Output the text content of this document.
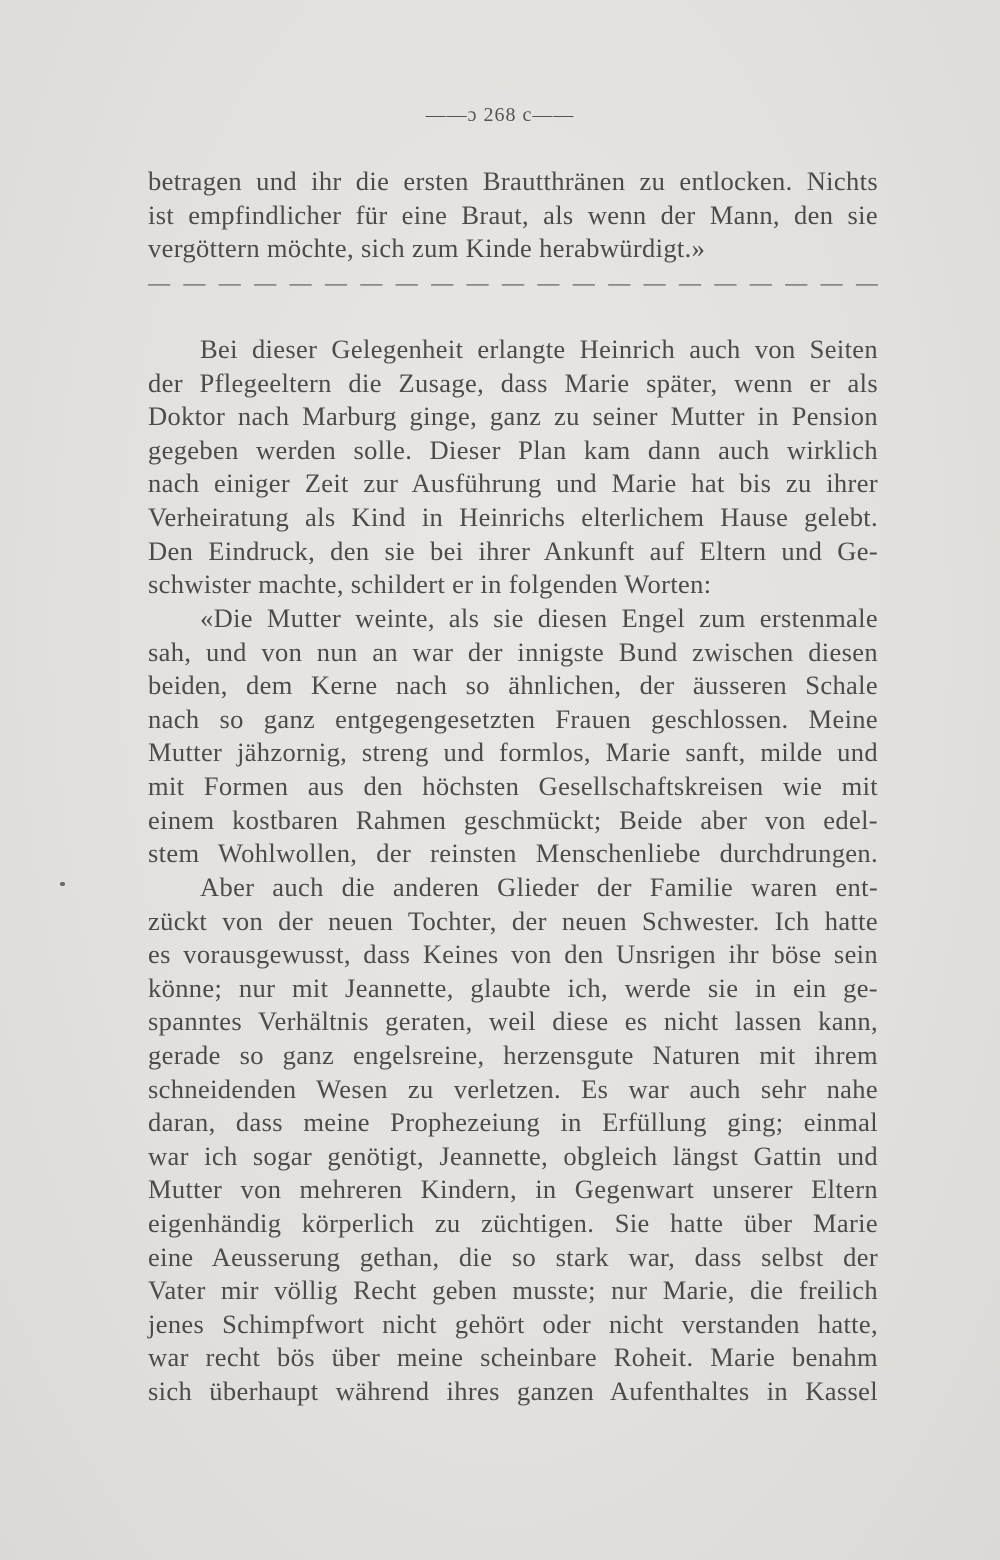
——ɔ 268 c——
betragen und ihr die ersten Brautthränen zu entlocken. Nichts
ist empfindlicher für eine Braut, als wenn der Mann, den sie
vergöttern möchte, sich zum Kinde herabwürdigt.»
— — — — — — — — — — — — — — — — — — — — —
Bei dieser Gelegenheit erlangte Heinrich auch von Seiten
der Pflegeeltern die Zusage, dass Marie später, wenn er als
Doktor nach Marburg ginge, ganz zu seiner Mutter in Pension
gegeben werden solle. Dieser Plan kam dann auch wirklich
nach einiger Zeit zur Ausführung und Marie hat bis zu ihrer
Verheiratung als Kind in Heinrichs elterlichem Hause gelebt.
Den Eindruck, den sie bei ihrer Ankunft auf Eltern und Ge-
schwister machte, schildert er in folgenden Worten:
«Die Mutter weinte, als sie diesen Engel zum erstenmale
sah, und von nun an war der innigste Bund zwischen diesen
beiden, dem Kerne nach so ähnlichen, der äusseren Schale
nach so ganz entgegengesetzten Frauen geschlossen. Meine
Mutter jähzornig, streng und formlos, Marie sanft, milde und
mit Formen aus den höchsten Gesellschaftskreisen wie mit
einem kostbaren Rahmen geschmückt; Beide aber von edel-
stem Wohlwollen, der reinsten Menschenliebe durchdrungen.
Aber auch die anderen Glieder der Familie waren ent-
zückt von der neuen Tochter, der neuen Schwester. Ich hatte
es vorausgewusst, dass Keines von den Unsrigen ihr böse sein
könne; nur mit Jeannette, glaubte ich, werde sie in ein ge-
spanntes Verhältnis geraten, weil diese es nicht lassen kann,
gerade so ganz engelsreine, herzensgute Naturen mit ihrem
schneidenden Wesen zu verletzen. Es war auch sehr nahe
daran, dass meine Prophezeiung in Erfüllung ging; einmal
war ich sogar genötigt, Jeannette, obgleich längst Gattin und
Mutter von mehreren Kindern, in Gegenwart unserer Eltern
eigenhändig körperlich zu züchtigen. Sie hatte über Marie
eine Aeusserung gethan, die so stark war, dass selbst der
Vater mir völlig Recht geben musste; nur Marie, die freilich
jenes Schimpfwort nicht gehört oder nicht verstanden hatte,
war recht bös über meine scheinbare Roheit. Marie benahm
sich überhaupt während ihres ganzen Aufenthaltes in Kassel
